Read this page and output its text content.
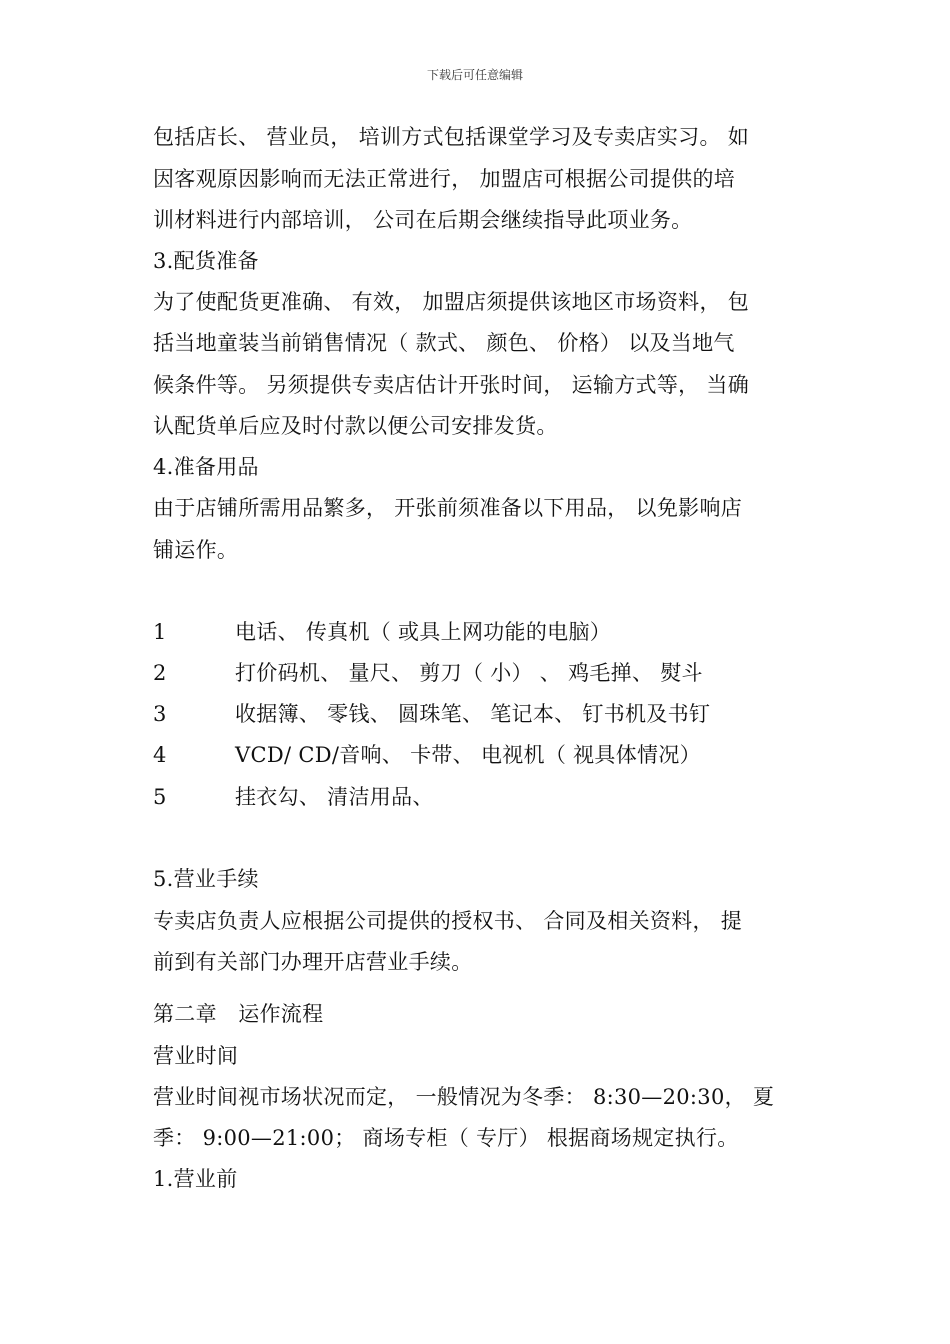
下载后可任意编辑
包括店长、 营业员， 培训方式包括课堂学习及专卖店实习。 如
因客观原因影响而无法正常进行， 加盟店可根据公司提供的培
训材料进行内部培训， 公司在后期会继续指导此项业务。
3.配货准备
为了使配货更准确、 有效， 加盟店须提供该地区市场资料， 包
括当地童装当前销售情况（ 款式、 颜色、 价格） 以及当地气
候条件等。 另须提供专卖店估计开张时间， 运输方式等， 当确
认配货单后应及时付款以便公司安排发货。
4.准备用品
由于店铺所需用品繁多， 开张前须准备以下用品， 以免影响店
铺运作。
1	电话、 传真机（ 或具上网功能的电脑）
2	打价码机、 量尺、 剪刀（ 小） 、 鸡毛掸、 熨斗
3	收据簿、 零钱、 圆珠笔、 笔记本、 钉书机及书钉
4	VCD/ CD/音响、 卡带、 电视机（ 视具体情况）
5	挂衣勾、 清洁用品、
5.营业手续
专卖店负责人应根据公司提供的授权书、 合同及相关资料， 提
前到有关部门办理开店营业手续。
第二章　运作流程
营业时间
营业时间视市场状况而定， 一般情况为冬季： 8:30—20:30， 夏
季： 9:00—21:00； 商场专柜（ 专厅） 根据商场规定执行。
1.营业前
